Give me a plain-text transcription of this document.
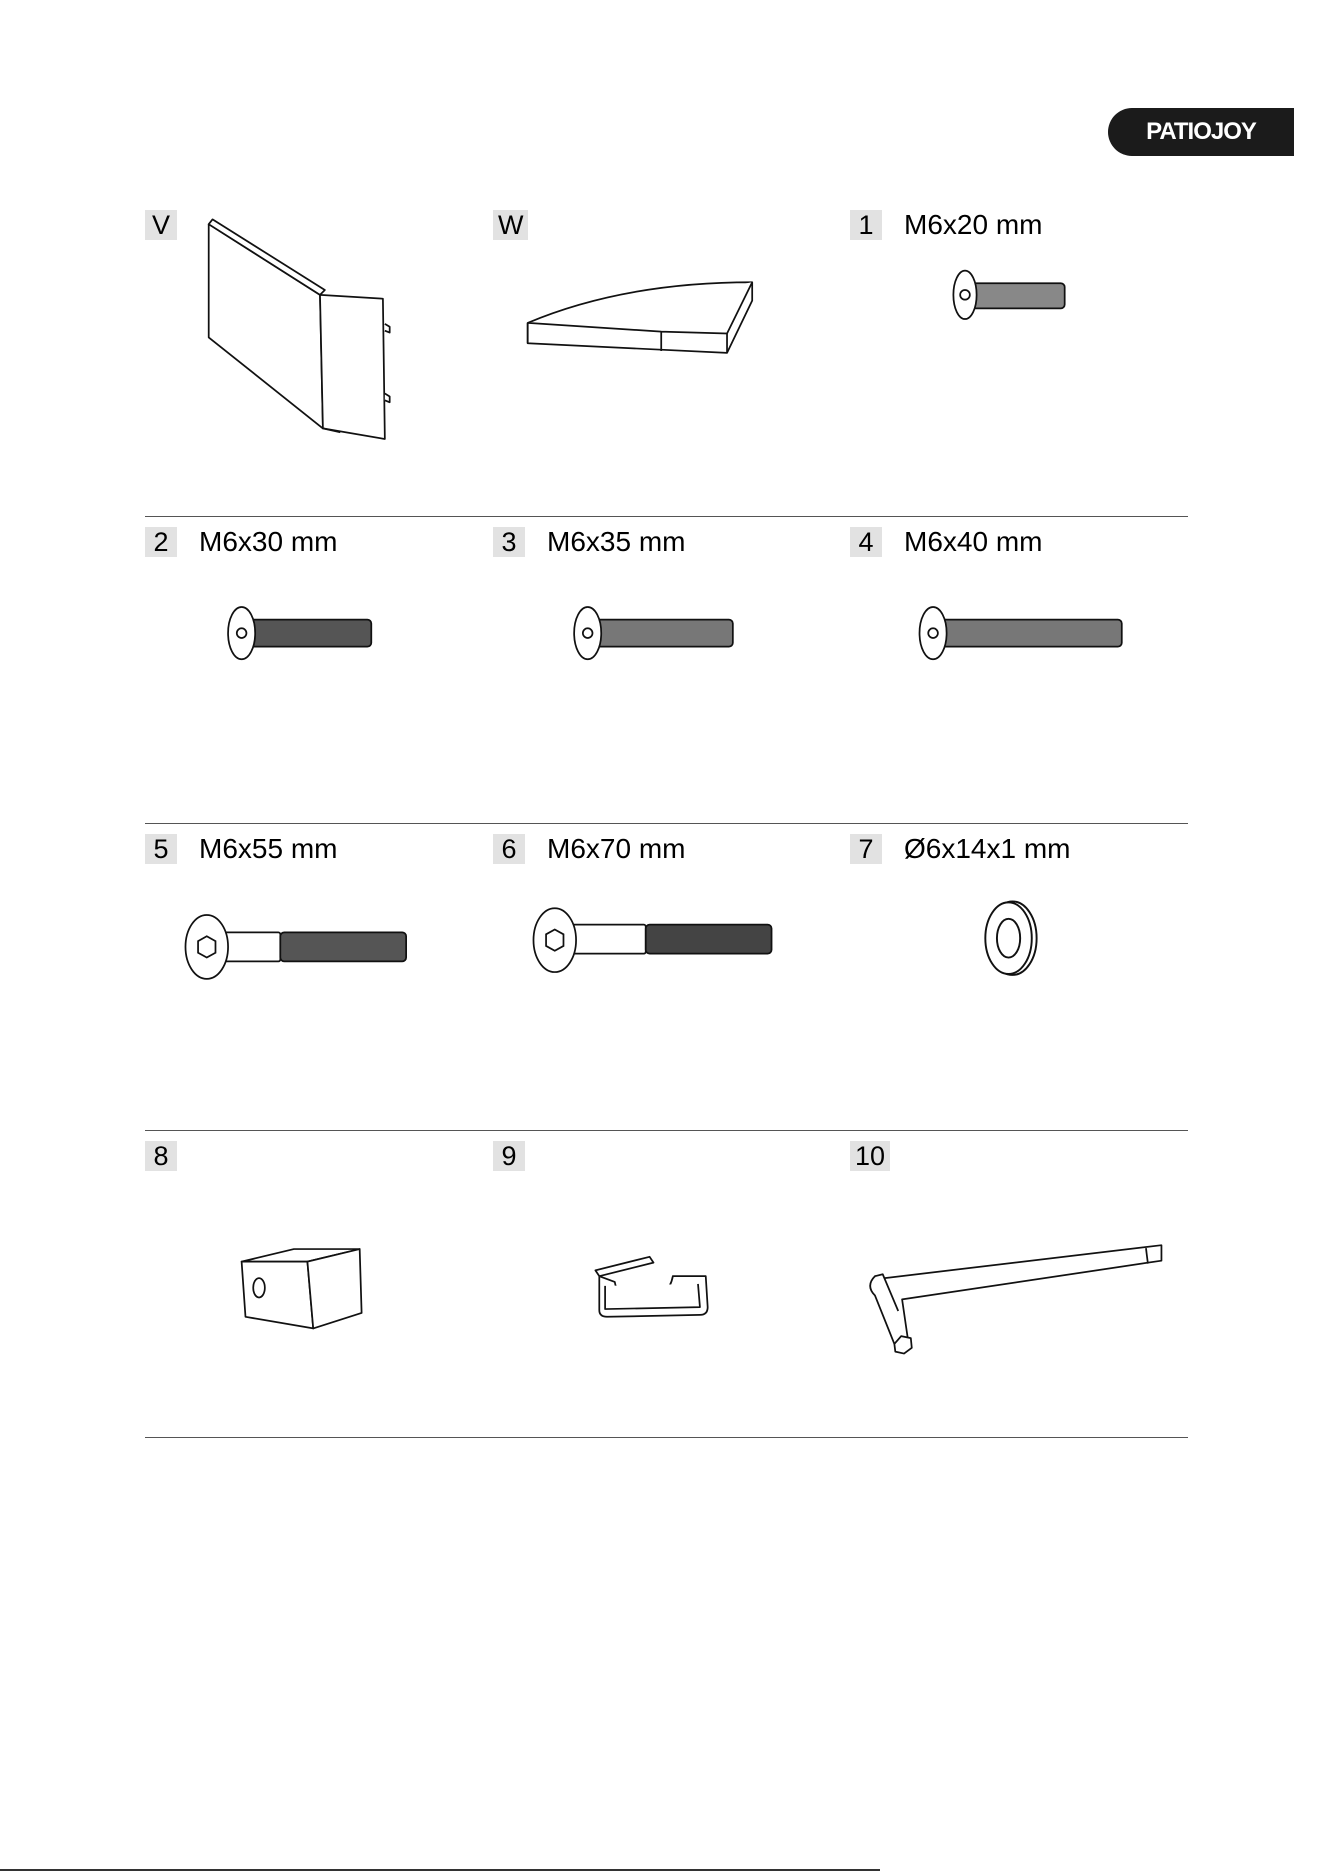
PATIOJOY
V	W	1	M6x20 mm
2	M6x30 mm	3	M6x35 mm	4	M6x40 mm
5	M6x55 mm	6	M6x70 mm	7	Ø6x14x1 mm
8	9	10
